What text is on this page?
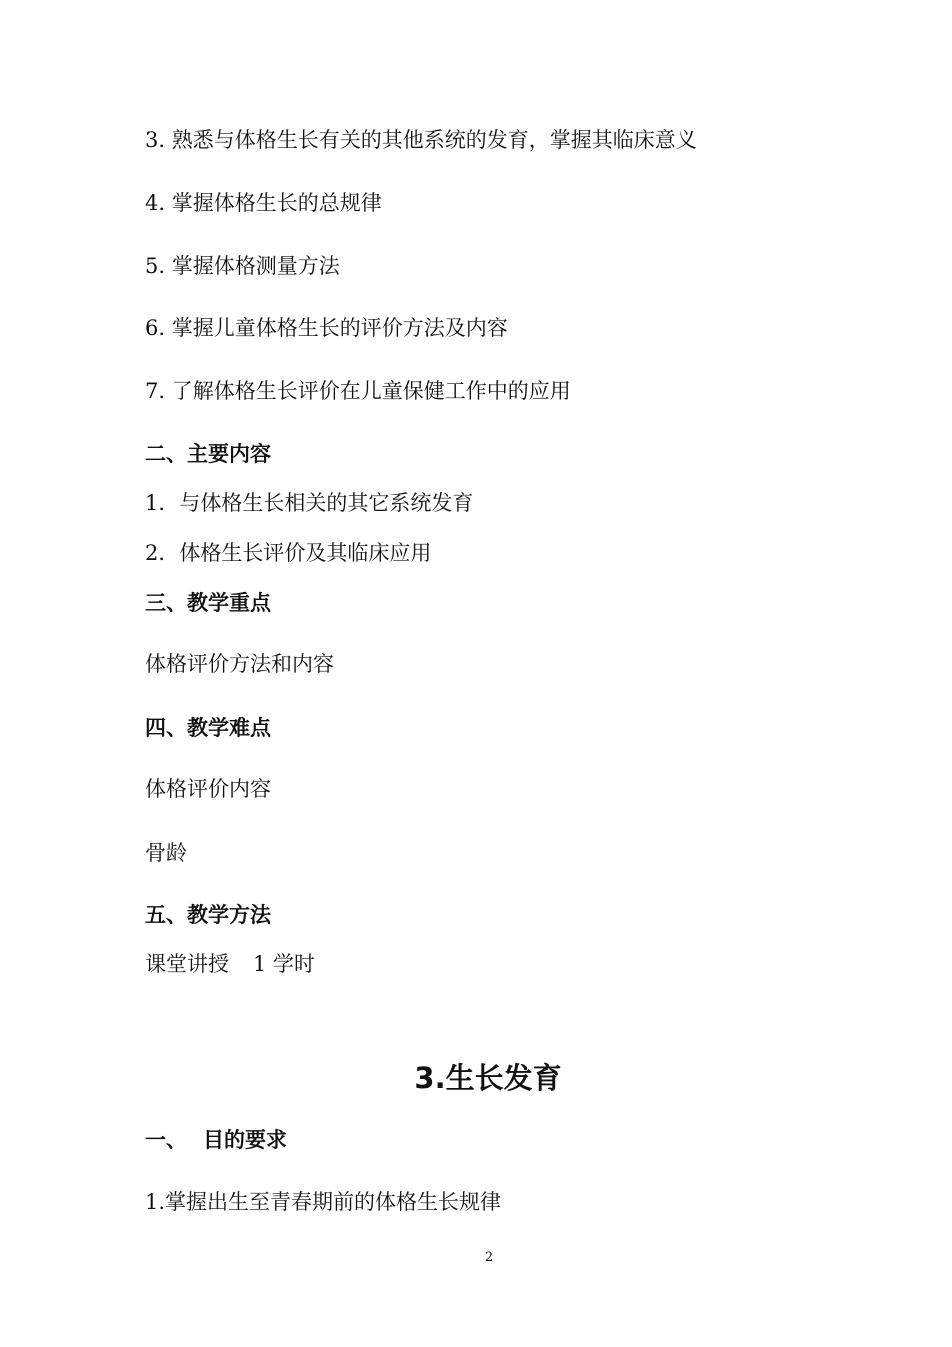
3. 熟悉与体格生长有关的其他系统的发育，掌握其临床意义
4. 掌握体格生长的总规律
5. 掌握体格测量方法
6. 掌握儿童体格生长的评价方法及内容
7. 了解体格生长评价在儿童保健工作中的应用
二、主要内容
1．与体格生长相关的其它系统发育
2．体格生长评价及其临床应用
三、教学重点
体格评价方法和内容
四、教学难点
体格评价内容
骨龄
五、教学方法
课堂讲授 1 学时
3.生长发育
一、 目的要求
1.掌握出生至青春期前的体格生长规律
2
